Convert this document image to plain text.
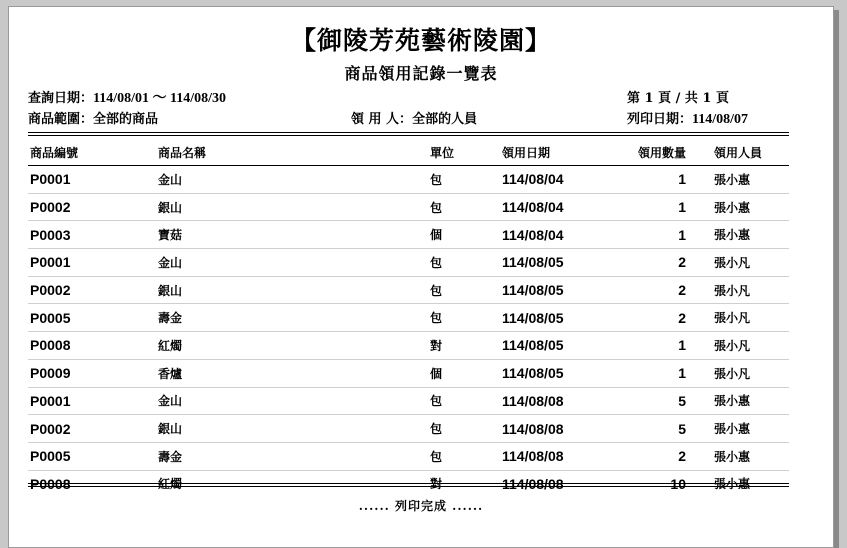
【御陵芳苑藝術陵園】
商品領用記錄一覽表
查詢日期：114/08/01 ～ 114/08/30	第 1 頁 / 共 1 頁
商品範圍：全部的商品	領 用 人：全部的人員	列印日期：114/08/07
商品編號	商品名稱	單位	領用日期	領用數量 領用人員
P0001	金山	包	114/08/04	1 張小惠
P0002	銀山	包	114/08/04	1 張小惠
P0003	寶菇	個	114/08/04	1 張小惠
P0001	金山	包	114/08/05	2 張小凡
P0002	銀山	包	114/08/05	2 張小凡
P0005	壽金	包	114/08/05	2 張小凡
P0008	紅燭	對	114/08/05	1 張小凡
P0009	香爐	個	114/08/05	1 張小凡
P0001	金山	包	114/08/08	5 張小惠
P0002	銀山	包	114/08/08	5 張小惠
P0005	壽金	包	114/08/08	2 張小惠
P0008	紅燭	對	114/08/08	10 張小惠
...... 列印完成 ......
